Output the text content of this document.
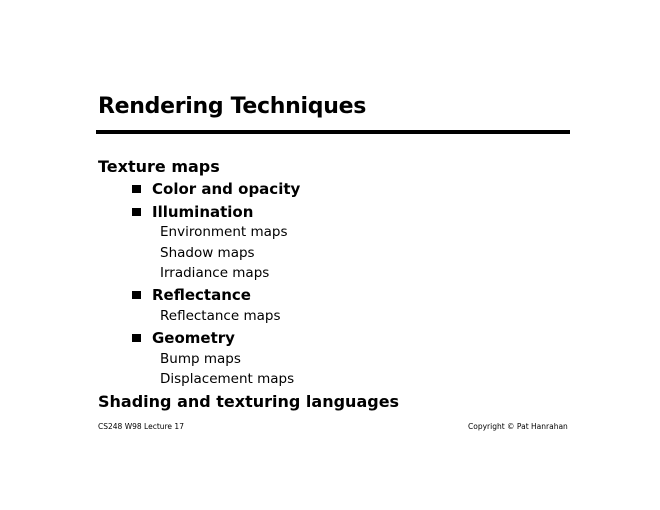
Rendering Techniques
Texture maps
Color and opacity
Illumination
Environment maps
Shadow maps
Irradiance maps
Reflectance
Reflectance maps
Geometry
Bump maps
Displacement maps
Shading and texturing languages
CS248 W98 Lecture 17	Copyright © Pat Hanrahan
